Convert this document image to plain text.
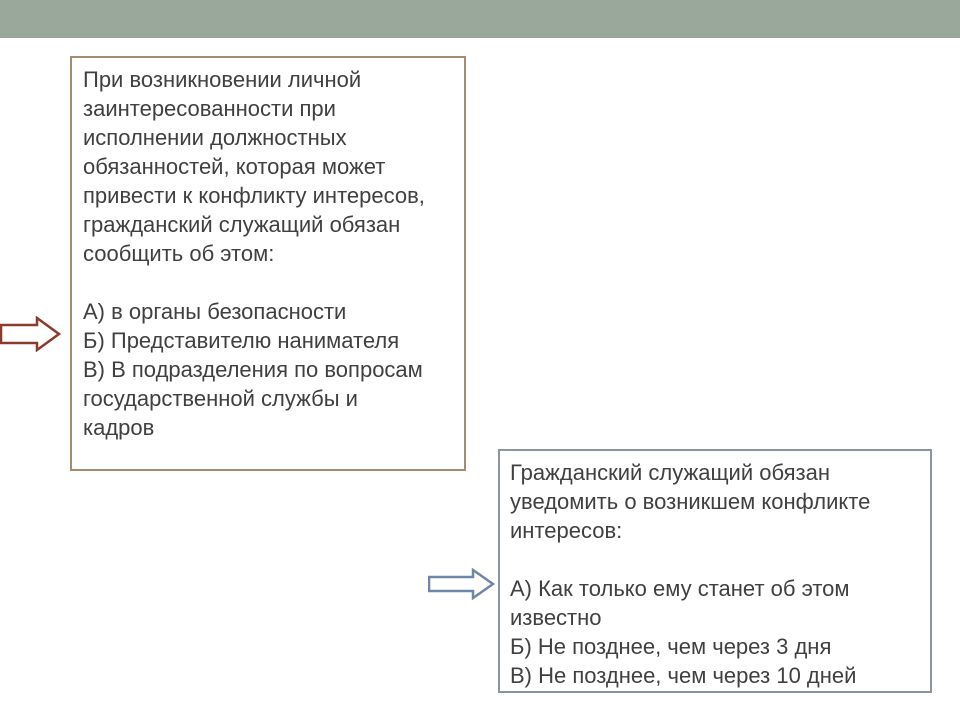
При возникновении личной
заинтересованности при
исполнении должностных
обязанностей, которая может
привести к конфликту интересов,
гражданский служащий обязан
сообщить об этом:
А) в органы безопасности
Б) Представителю нанимателя
В) В подразделения по вопросам
государственной службы и
кадров
Гражданский служащий обязан
уведомить о возникшем конфликте
интересов:
А) Как только ему станет об этом
известно
Б) Не позднее, чем через 3 дня
В) Не позднее, чем через 10 дней
